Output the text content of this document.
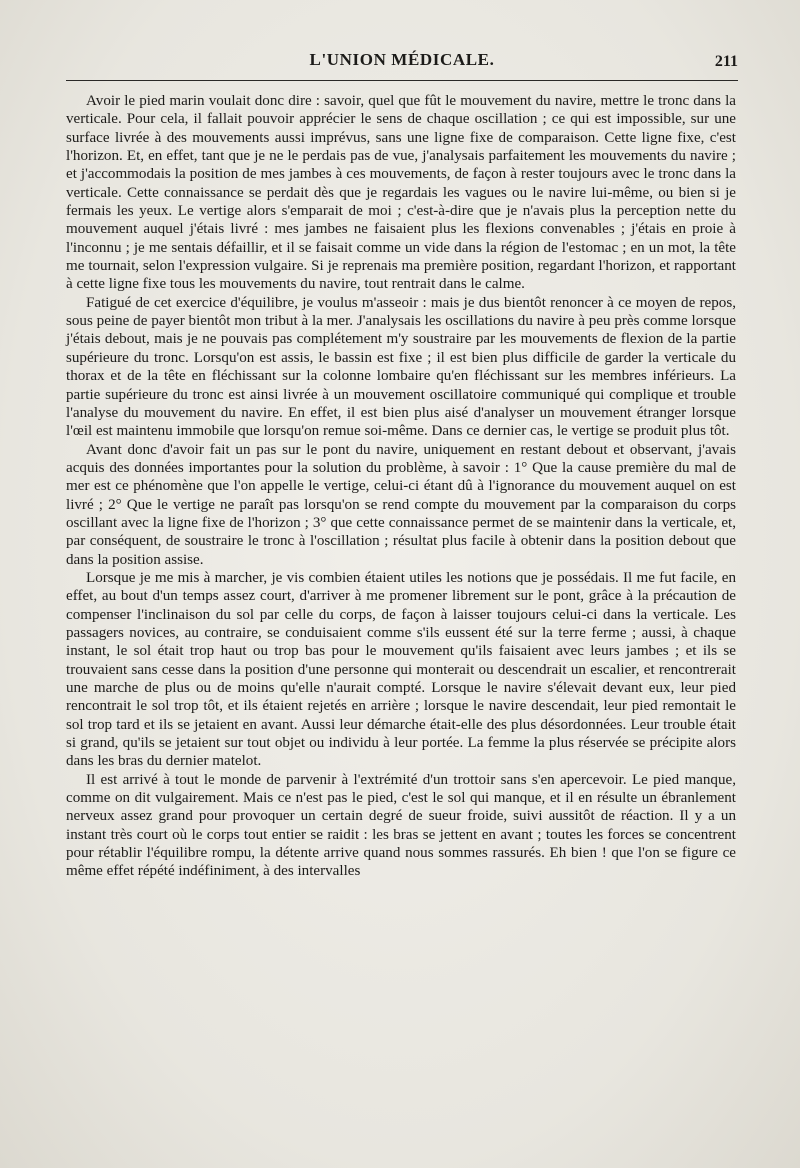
L'UNION MÉDICALE.	211

Avoir le pied marin voulait donc dire : savoir, quel que fût le mouvement du navire, mettre le tronc dans la verticale. Pour cela, il fallait pouvoir apprécier le sens de chaque oscillation ; ce qui est impossible, sur une surface livrée à des mouvements aussi imprévus, sans une ligne fixe de comparaison. Cette ligne fixe, c'est l'horizon. Et, en effet, tant que je ne le perdais pas de vue, j'analysais parfaitement les mouvements du navire ; et j'accommodais la position de mes jambes à ces mouvements, de façon à rester toujours avec le tronc dans la verticale. Cette connaissance se perdait dès que je regardais les vagues ou le navire lui-même, ou bien si je fermais les yeux. Le vertige alors s'emparait de moi ; c'est-à-dire que je n'avais plus la perception nette du mouvement auquel j'étais livré : mes jambes ne faisaient plus les flexions convenables ; j'étais en proie à l'inconnu ; je me sentais défaillir, et il se faisait comme un vide dans la région de l'estomac ; en un mot, la tête me tournait, selon l'expression vulgaire. Si je reprenais ma première position, regardant l'horizon, et rapportant à cette ligne fixe tous les mouvements du navire, tout rentrait dans le calme.

Fatigué de cet exercice d'équilibre, je voulus m'asseoir : mais je dus bientôt renoncer à ce moyen de repos, sous peine de payer bientôt mon tribut à la mer. J'analysais les oscillations du navire à peu près comme lorsque j'étais debout, mais je ne pouvais pas complétement m'y soustraire par les mouvements de flexion de la partie supérieure du tronc. Lorsqu'on est assis, le bassin est fixe ; il est bien plus difficile de garder la verticale du thorax et de la tête en fléchissant sur la colonne lombaire qu'en fléchissant sur les membres inférieurs. La partie supérieure du tronc est ainsi livrée à un mouvement oscillatoire communiqué qui complique et trouble l'analyse du mouvement du navire. En effet, il est bien plus aisé d'analyser un mouvement étranger lorsque l'œil est maintenu immobile que lorsqu'on remue soi-même. Dans ce dernier cas, le vertige se produit plus tôt.

Avant donc d'avoir fait un pas sur le pont du navire, uniquement en restant debout et observant, j'avais acquis des données importantes pour la solution du problème, à savoir : 1° Que la cause première du mal de mer est ce phénomène que l'on appelle le vertige, celui-ci étant dû à l'ignorance du mouvement auquel on est livré ; 2° Que le vertige ne paraît pas lorsqu'on se rend compte du mouvement par la comparaison du corps oscillant avec la ligne fixe de l'horizon ; 3° que cette connaissance permet de se maintenir dans la verticale, et, par conséquent, de soustraire le tronc à l'oscillation ; résultat plus facile à obtenir dans la position debout que dans la position assise.

Lorsque je me mis à marcher, je vis combien étaient utiles les notions que je possédais. Il me fut facile, en effet, au bout d'un temps assez court, d'arriver à me promener librement sur le pont, grâce à la précaution de compenser l'inclinaison du sol par celle du corps, de façon à laisser toujours celui-ci dans la verticale. Les passagers novices, au contraire, se conduisaient comme s'ils eussent été sur la terre ferme ; aussi, à chaque instant, le sol était trop haut ou trop bas pour le mouvement qu'ils faisaient avec leurs jambes ; et ils se trouvaient sans cesse dans la position d'une personne qui monterait ou descendrait un escalier, et rencontrerait une marche de plus ou de moins qu'elle n'aurait compté. Lorsque le navire s'élevait devant eux, leur pied rencontrait le sol trop tôt, et ils étaient rejetés en arrière ; lorsque le navire descendait, leur pied remontait le sol trop tard et ils se jetaient en avant. Aussi leur démarche était-elle des plus désordonnées. Leur trouble était si grand, qu'ils se jetaient sur tout objet ou individu à leur portée. La femme la plus réservée se précipite alors dans les bras du dernier matelot.

Il est arrivé à tout le monde de parvenir à l'extrémité d'un trottoir sans s'en apercevoir. Le pied manque, comme on dit vulgairement. Mais ce n'est pas le pied, c'est le sol qui manque, et il en résulte un ébranlement nerveux assez grand pour provoquer un certain degré de sueur froide, suivi aussitôt de réaction. Il y a un instant très court où le corps tout entier se raidit : les bras se jettent en avant ; toutes les forces se concentrent pour rétablir l'équilibre rompu, la détente arrive quand nous sommes rassurés. Eh bien ! que l'on se figure ce même effet répété indéfiniment, à des intervalles
